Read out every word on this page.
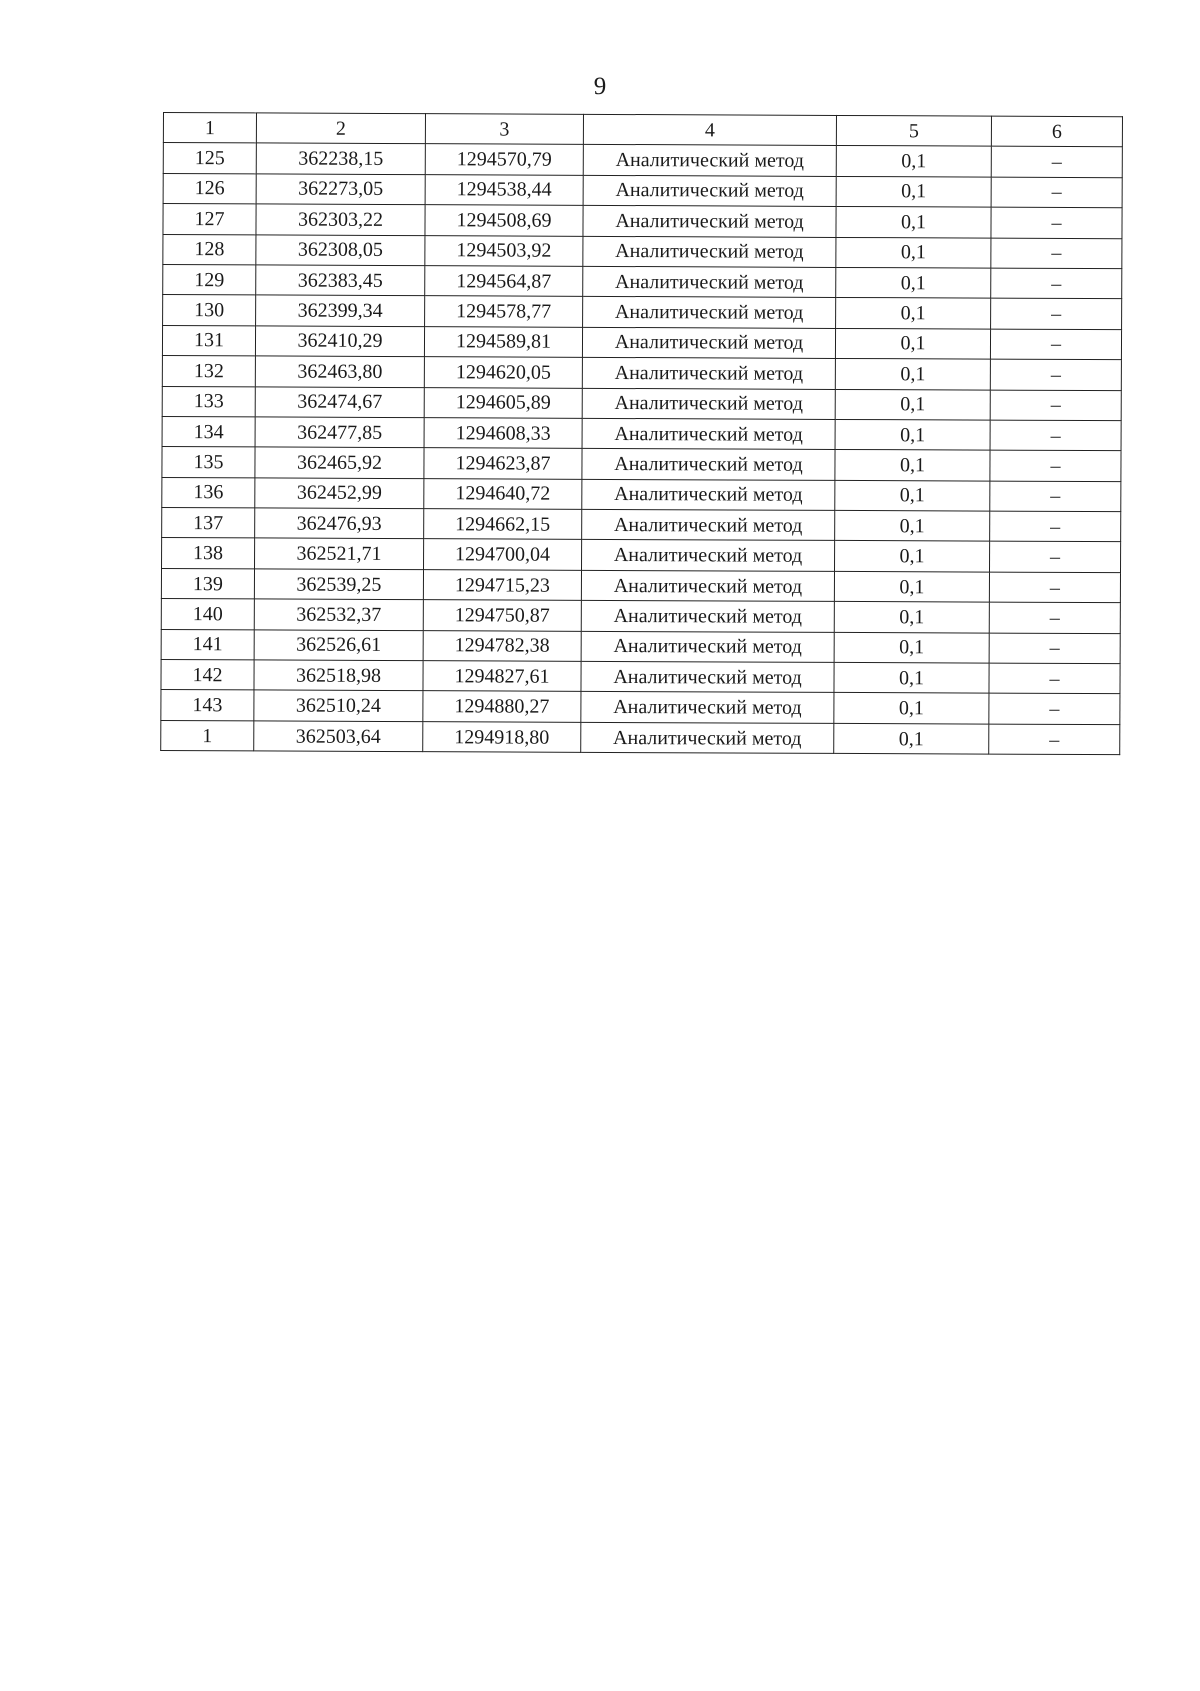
9
1	2	3	4	5	6
125	362238,15	1294570,79	Аналитический метод	0,1	–
126	362273,05	1294538,44	Аналитический метод	0,1	–
127	362303,22	1294508,69	Аналитический метод	0,1	–
128	362308,05	1294503,92	Аналитический метод	0,1	–
129	362383,45	1294564,87	Аналитический метод	0,1	–
130	362399,34	1294578,77	Аналитический метод	0,1	–
131	362410,29	1294589,81	Аналитический метод	0,1	–
132	362463,80	1294620,05	Аналитический метод	0,1	–
133	362474,67	1294605,89	Аналитический метод	0,1	–
134	362477,85	1294608,33	Аналитический метод	0,1	–
135	362465,92	1294623,87	Аналитический метод	0,1	–
136	362452,99	1294640,72	Аналитический метод	0,1	–
137	362476,93	1294662,15	Аналитический метод	0,1	–
138	362521,71	1294700,04	Аналитический метод	0,1	–
139	362539,25	1294715,23	Аналитический метод	0,1	–
140	362532,37	1294750,87	Аналитический метод	0,1	–
141	362526,61	1294782,38	Аналитический метод	0,1	–
142	362518,98	1294827,61	Аналитический метод	0,1	–
143	362510,24	1294880,27	Аналитический метод	0,1	–
1	362503,64	1294918,80	Аналитический метод	0,1	–
